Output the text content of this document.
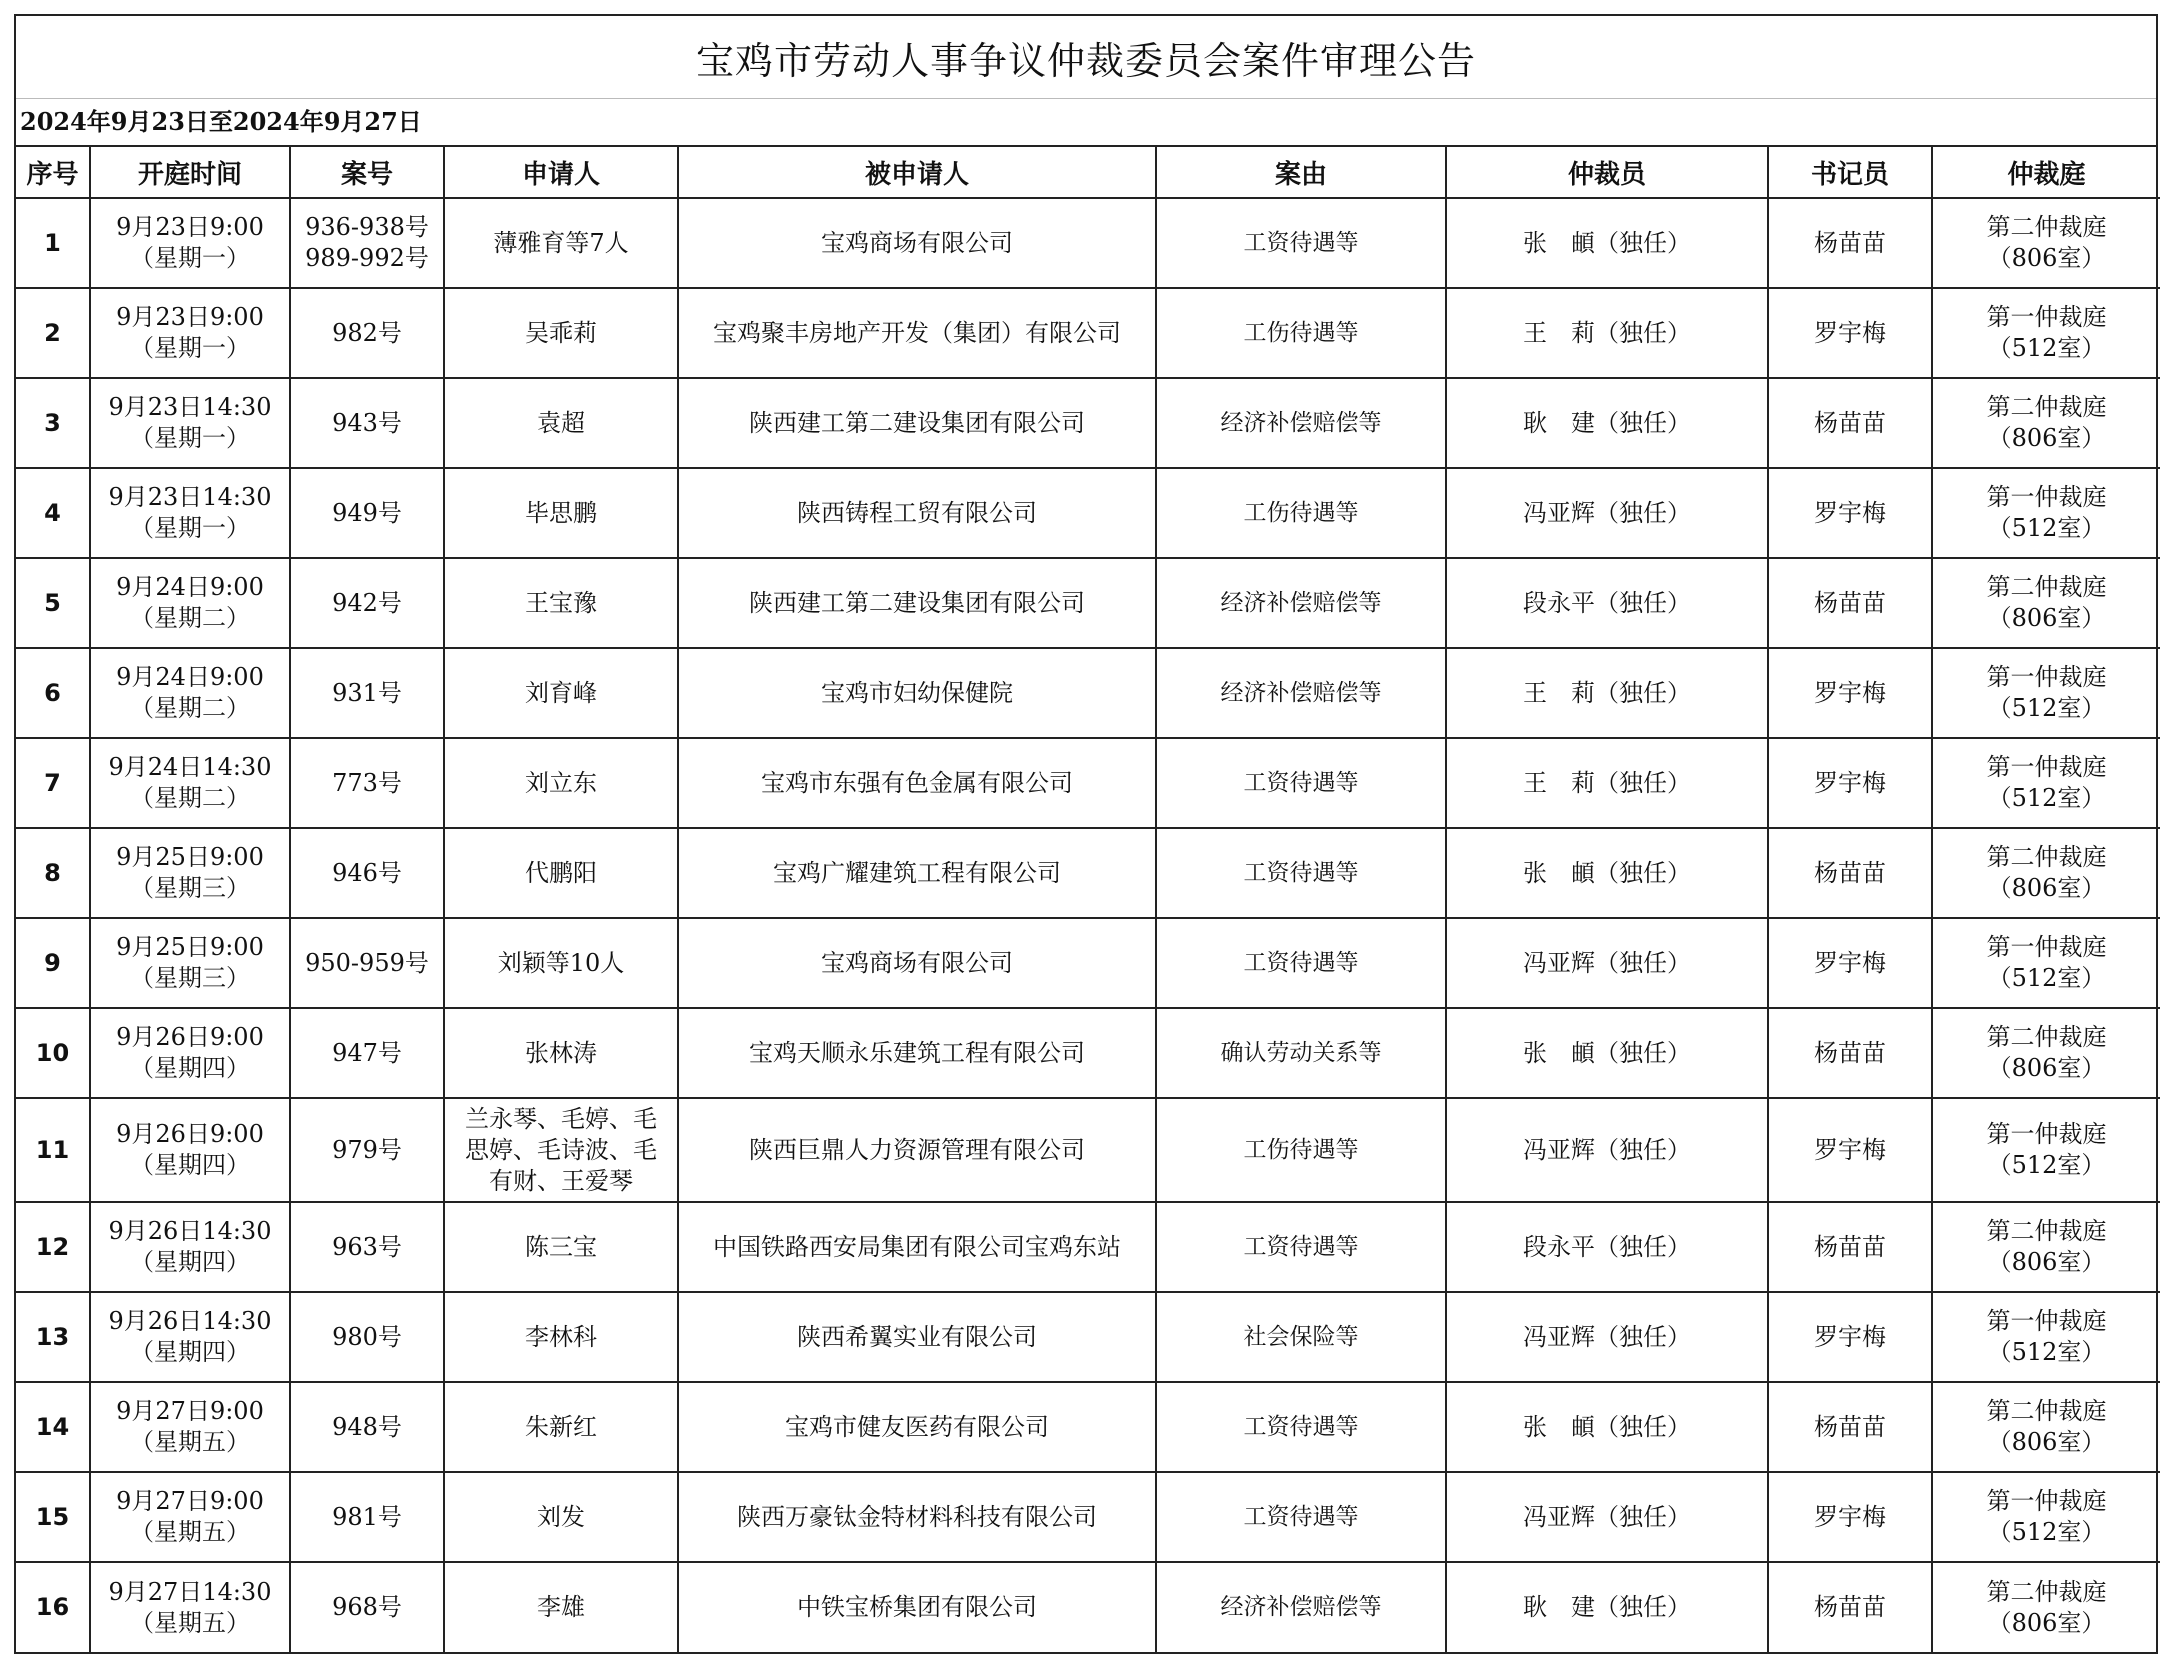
宝鸡市劳动人事争议仲裁委员会案件审理公告
2024年9月23日至2024年9月27日
序号	开庭时间	案号	申请人	被申请人	案由	仲裁员	书记员	仲裁庭
1	9月23日9:00
（星期一）	936-938号
989-992号	薄雅育等7人	宝鸡商场有限公司	工资待遇等	张　頔（独任）	杨苗苗	第二仲裁庭
（806室）
2	9月23日9:00
（星期一）	982号	吴乖莉	宝鸡聚丰房地产开发（集团）有限公司	工伤待遇等	王　莉（独任）	罗宇梅	第一仲裁庭
（512室）
3	9月23日14:30
（星期一）	943号	袁超	陕西建工第二建设集团有限公司	经济补偿赔偿等	耿　建（独任）	杨苗苗	第二仲裁庭
（806室）
4	9月23日14:30
（星期一）	949号	毕思鹏	陕西铸程工贸有限公司	工伤待遇等	冯亚辉（独任）	罗宇梅	第一仲裁庭
（512室）
5	9月24日9:00
（星期二）	942号	王宝豫	陕西建工第二建设集团有限公司	经济补偿赔偿等	段永平（独任）	杨苗苗	第二仲裁庭
（806室）
6	9月24日9:00
（星期二）	931号	刘育峰	宝鸡市妇幼保健院	经济补偿赔偿等	王　莉（独任）	罗宇梅	第一仲裁庭
（512室）
7	9月24日14:30
（星期二）	773号	刘立东	宝鸡市东强有色金属有限公司	工资待遇等	王　莉（独任）	罗宇梅	第一仲裁庭
（512室）
8	9月25日9:00
（星期三）	946号	代鹏阳	宝鸡广耀建筑工程有限公司	工资待遇等	张　頔（独任）	杨苗苗	第二仲裁庭
（806室）
9	9月25日9:00
（星期三）	950-959号	刘颖等10人	宝鸡商场有限公司	工资待遇等	冯亚辉（独任）	罗宇梅	第一仲裁庭
（512室）
10	9月26日9:00
（星期四）	947号	张林涛	宝鸡天顺永乐建筑工程有限公司	确认劳动关系等	张　頔（独任）	杨苗苗	第二仲裁庭
（806室）
11	9月26日9:00
（星期四）	979号	兰永琴、毛婷、毛
思婷、毛诗波、毛
有财、王爱琴	陕西巨鼎人力资源管理有限公司	工伤待遇等	冯亚辉（独任）	罗宇梅	第一仲裁庭
（512室）
12	9月26日14:30
（星期四）	963号	陈三宝	中国铁路西安局集团有限公司宝鸡东站	工资待遇等	段永平（独任）	杨苗苗	第二仲裁庭
（806室）
13	9月26日14:30
（星期四）	980号	李林科	陕西希翼实业有限公司	社会保险等	冯亚辉（独任）	罗宇梅	第一仲裁庭
（512室）
14	9月27日9:00
（星期五）	948号	朱新红	宝鸡市健友医药有限公司	工资待遇等	张　頔（独任）	杨苗苗	第二仲裁庭
（806室）
15	9月27日9:00
（星期五）	981号	刘发	陕西万豪钛金特材料科技有限公司	工资待遇等	冯亚辉（独任）	罗宇梅	第一仲裁庭
（512室）
16	9月27日14:30
（星期五）	968号	李雄	中铁宝桥集团有限公司	经济补偿赔偿等	耿　建（独任）	杨苗苗	第二仲裁庭
（806室）
